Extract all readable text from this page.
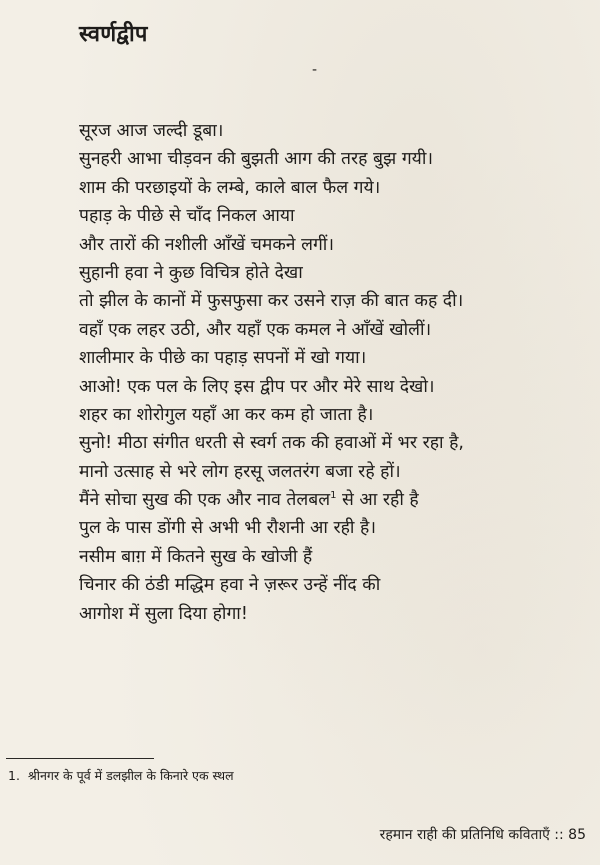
स्वर्णद्वीप
-
सूरज आज जल्दी डूबा।
सुनहरी आभा चीड़वन की बुझती आग की तरह बुझ गयी।
शाम की परछाइयों के लम्बे, काले बाल फैल गये।
पहाड़ के पीछे से चाँद निकल आया
और तारों की नशीली आँखें चमकने लगीं।
सुहानी हवा ने कुछ विचित्र होते देखा
तो झील के कानों में फुसफुसा कर उसने राज़ की बात कह दी।
वहाँ एक लहर उठी, और यहाँ एक कमल ने आँखें खोलीं।
शालीमार के पीछे का पहाड़ सपनों में खो गया।
आओ! एक पल के लिए इस द्वीप पर और मेरे साथ देखो।
शहर का शोरोगुल यहाँ आ कर कम हो जाता है।
सुनो! मीठा संगीत धरती से स्वर्ग तक की हवाओं में भर रहा है,
मानो उत्साह से भरे लोग हरसू जलतरंग बजा रहे हों।
मैंने सोचा सुख की एक और नाव तेलबल$^1$ से आ रही है
पुल के पास डोंगी से अभी भी रौशनी आ रही है।
नसीम बाग़ में कितने सुख के खोजी हैं
चिनार की ठंडी मद्धिम हवा ने ज़रूर उन्हें नींद की
आगोश में सुला दिया होगा!
1. श्रीनगर के पूर्व में डलझील के किनारे एक स्थल
रहमान राही की प्रतिनिधि कविताएँ :: 85
